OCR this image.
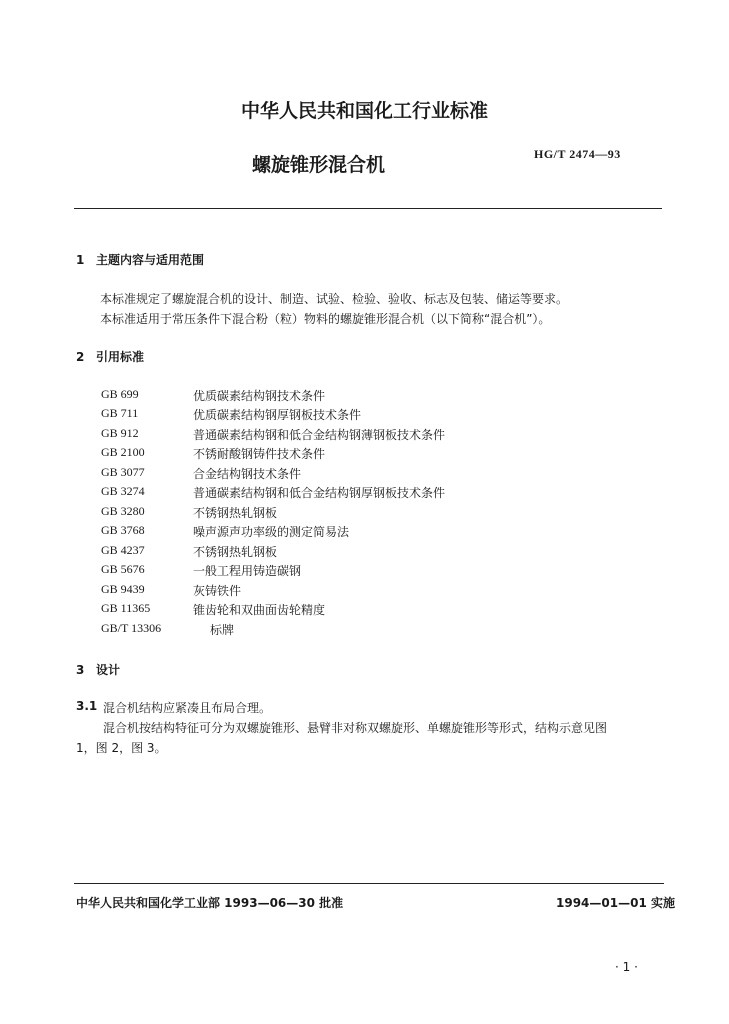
中华人民共和国化工行业标准
螺旋锥形混合机	HG/T 2474—93
1 主题内容与适用范围
本标准规定了螺旋混合机的设计、制造、试验、检验、验收、标志及包装、储运等要求。
本标准适用于常压条件下混合粉（粒）物料的螺旋锥形混合机（以下简称“混合机”）。
2 引用标准
GB 699	优质碳素结构钢技术条件
GB 711	优质碳素结构钢厚钢板技术条件
GB 912	普通碳素结构钢和低合金结构钢薄钢板技术条件
GB 2100	不锈耐酸钢铸件技术条件
GB 3077	合金结构钢技术条件
GB 3274	普通碳素结构钢和低合金结构钢厚钢板技术条件
GB 3280	不锈钢热轧钢板
GB 3768	噪声源声功率级的测定简易法
GB 4237	不锈钢热轧钢板
GB 5676	一般工程用铸造碳钢
GB 9439	灰铸铁件
GB 11365	锥齿轮和双曲面齿轮精度
GB/T 13306	标牌
3 设计
3.1 混合机结构应紧凑且布局合理。
混合机按结构特征可分为双螺旋锥形、悬臂非对称双螺旋形、单螺旋锥形等形式，结构示意见图
1，图 2，图 3。
中华人民共和国化学工业部 1993—06—30 批准	1994—01—01 实施
· 1 ·
